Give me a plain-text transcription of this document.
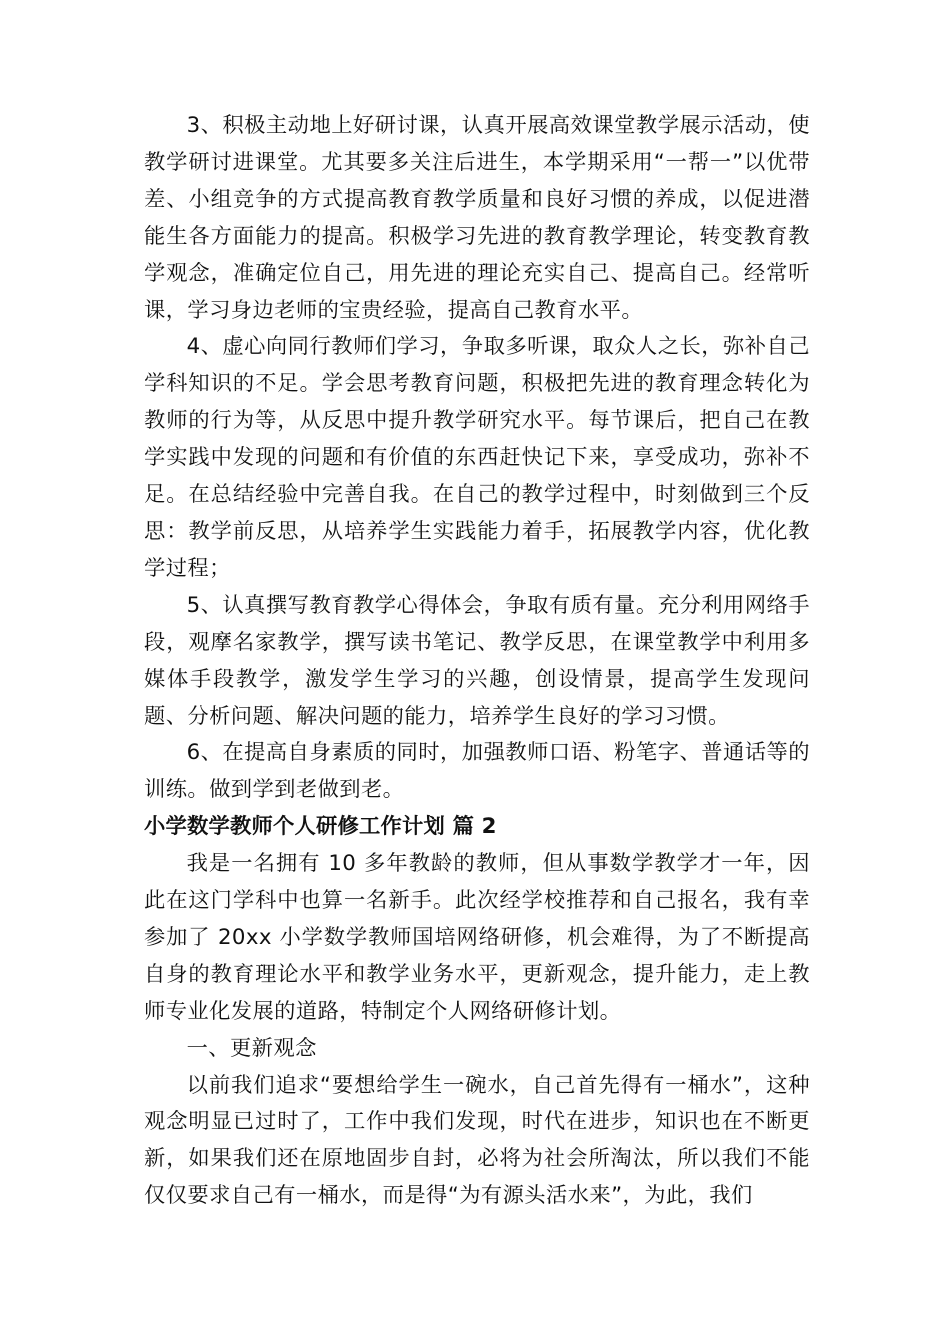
3、积极主动地上好研讨课，认真开展高效课堂教学展示活动，使教学研讨进课堂。尤其要多关注后进生，本学期采用“一帮一”以优带差、小组竞争的方式提高教育教学质量和良好习惯的养成，以促进潜能生各方面能力的提高。积极学习先进的教育教学理论，转变教育教学观念，准确定位自己，用先进的理论充实自己、提高自己。经常听课，学习身边老师的宝贵经验，提高自己教育水平。

4、虚心向同行教师们学习，争取多听课，取众人之长，弥补自己学科知识的不足。学会思考教育问题，积极把先进的教育理念转化为教师的行为等，从反思中提升教学研究水平。每节课后，把自己在教学实践中发现的问题和有价值的东西赶快记下来，享受成功，弥补不足。在总结经验中完善自我。在自己的教学过程中，时刻做到三个反思：教学前反思，从培养学生实践能力着手，拓展教学内容，优化教学过程；

5、认真撰写教育教学心得体会，争取有质有量。充分利用网络手段，观摩名家教学，撰写读书笔记、教学反思，在课堂教学中利用多媒体手段教学，激发学生学习的兴趣，创设情景，提高学生发现问题、分析问题、解决问题的能力，培养学生良好的学习习惯。

6、在提高自身素质的同时，加强教师口语、粉笔字、普通话等的训练。做到学到老做到老。

小学数学教师个人研修工作计划 篇 2

我是一名拥有 10 多年教龄的教师，但从事数学教学才一年，因此在这门学科中也算一名新手。此次经学校推荐和自己报名，我有幸参加了 20xx 小学数学教师国培网络研修，机会难得，为了不断提高自身的教育理论水平和教学业务水平，更新观念，提升能力，走上教师专业化发展的道路，特制定个人网络研修计划。

一、更新观念

以前我们追求“要想给学生一碗水，自己首先得有一桶水”，这种观念明显已过时了，工作中我们发现，时代在进步，知识也在不断更新，如果我们还在原地固步自封，必将为社会所淘汰，所以我们不能仅仅要求自己有一桶水，而是得“为有源头活水来”，为此，我们
